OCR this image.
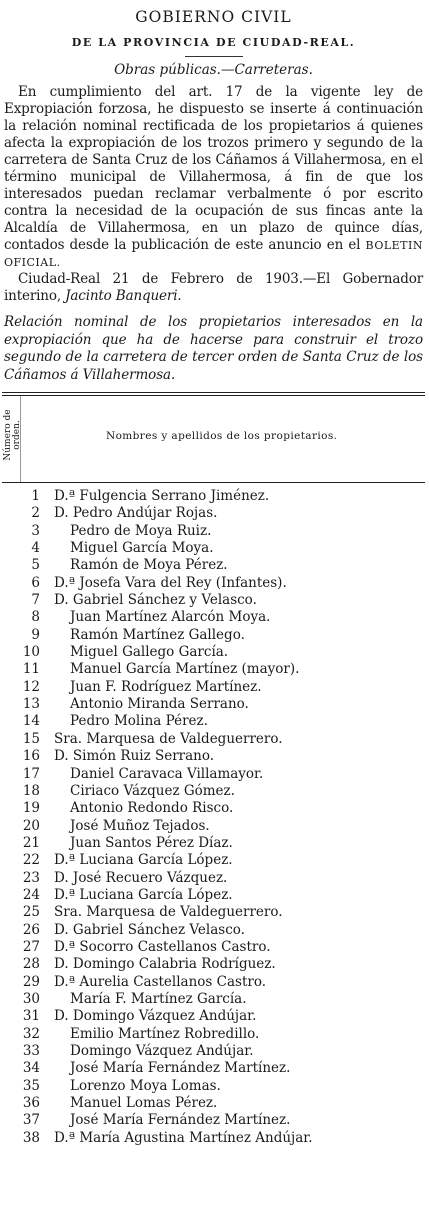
GOBIERNO CIVIL
DE LA PROVINCIA DE CIUDAD-REAL.
Obras públicas.—Carreteras.
En cumplimiento del art. 17 de la vigente ley de Expropiación forzosa, he dispuesto se inserte á continuación la relación nominal rectificada de los propietarios á quienes afecta la expropiación de los trozos primero y segundo de la carretera de Santa Cruz de los Cáñamos á Villahermosa, en el término municipal de Villahermosa, á fin de que los interesados puedan reclamar verbalmente ó por escrito contra la necesidad de la ocupación de sus fincas ante la Alcaldía de Villahermosa, en un plazo de quince días, contados desde la publicación de este anuncio en el BOLETIN OFICIAL.
Ciudad-Real 21 de Febrero de 1903.—El Gobernador interino, Jacinto Banqueri.
Relación nominal de los propietarios interesados en la expropiación que ha de hacerse para construir el trozo segundo de la carretera de tercer orden de Santa Cruz de los Cáñamos á Villahermosa.
Número de orden.	Nombres y apellidos de los propietarios.
1 D.ª Fulgencia Serrano Jiménez.
2 D. Pedro Andújar Rojas.
3 Pedro de Moya Ruiz.
4 Miguel García Moya.
5 Ramón de Moya Pérez.
6 D.ª Josefa Vara del Rey (Infantes).
7 D. Gabriel Sánchez y Velasco.
8 Juan Martínez Alarcón Moya.
9 Ramón Martínez Gallego.
10 Miguel Gallego García.
11 Manuel García Martínez (mayor).
12 Juan F. Rodríguez Martínez.
13 Antonio Miranda Serrano.
14 Pedro Molina Pérez.
15 Sra. Marquesa de Valdeguerrero.
16 D. Simón Ruiz Serrano.
17 Daniel Caravaca Villamayor.
18 Ciriaco Vázquez Gómez.
19 Antonio Redondo Risco.
20 José Muñoz Tejados.
21 Juan Santos Pérez Díaz.
22 D.ª Luciana García López.
23 D. José Recuero Vázquez.
24 D.ª Luciana García López.
25 Sra. Marquesa de Valdeguerrero.
26 D. Gabriel Sánchez Velasco.
27 D.ª Socorro Castellanos Castro.
28 D. Domingo Calabria Rodríguez.
29 D.ª Aurelia Castellanos Castro.
30 María F. Martínez García.
31 D. Domingo Vázquez Andújar.
32 Emilio Martínez Robredillo.
33 Domingo Vázquez Andújar.
34 José María Fernández Martínez.
35 Lorenzo Moya Lomas.
36 Manuel Lomas Pérez.
37 José María Fernández Martínez.
38 D.ª María Agustina Martínez Andújar.
